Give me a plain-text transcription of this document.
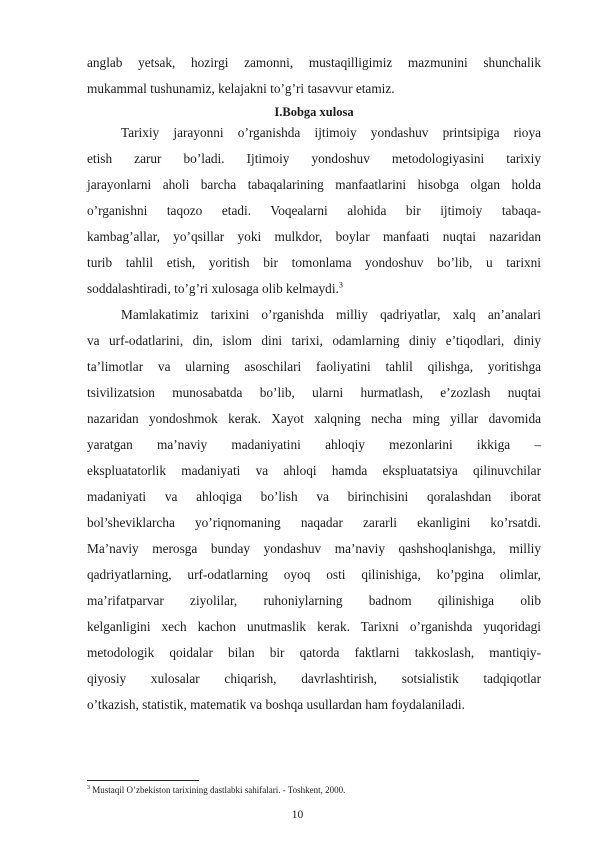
anglab yetsak, hozirgi zamonni, mustaqilligimiz mazmunini shunchalik
mukammal tushunamiz, kelajakni to’g’ri tasavvur etamiz.
I.Bobga xulosa
Tarixiy jarayonni o’rganishda ijtimoiy yondashuv printsipiga rioya
etish zarur bo’ladi. Ijtimoiy yondoshuv metodologiyasini tarixiy
jarayonlarni aholi barcha tabaqalarining manfaatlarini hisobga olgan holda
o’rganishni taqozo etadi. Voqealarni alohida bir ijtimoiy tabaqa-
kambag’allar, yo’qsillar yoki mulkdor, boylar manfaati nuqtai nazaridan
turib tahlil etish, yoritish bir tomonlama yondoshuv bo’lib, u tarixni
soddalashtiradi, to’g’ri xulosaga olib kelmaydi.$^3$
Mamlakatimiz tarixini o’rganishda milliy qadriyatlar, xalq an’analari
va urf-odatlarini, din, islom dini tarixi, odamlarning diniy e’tiqodlari, diniy
ta’limotlar va ularning asoschilari faoliyatini tahlil qilishga, yoritishga
tsivilizatsion munosabatda bo’lib, ularni hurmatlash, e’zozlash nuqtai
nazaridan yondoshmok kerak. Xayot xalqning necha ming yillar davomida
yaratgan ma’naviy madaniyatini ahloqiy mezonlarini ikkiga –
ekspluatatorlik madaniyati va ahloqi hamda ekspluatatsiya qilinuvchilar
madaniyati va ahloqiga bo’lish va birinchisini qoralashdan iborat
bol’sheviklarcha yo’riqnomaning naqadar zararli ekanligini ko’rsatdi.
Ma’naviy merosga bunday yondashuv ma’naviy qashshoqlanishga, milliy
qadriyatlarning, urf-odatlarning oyoq osti qilinishiga, ko’pgina olimlar,
ma’rifatparvar ziyolilar, ruhoniylarning badnom qilinishiga olib
kelganligini xech kachon unutmaslik kerak. Tarixni o’rganishda yuqoridagi
metodologik qoidalar bilan bir qatorda faktlarni takkoslash, mantiqiy-
qiyosiy xulosalar chiqarish, davrlashtirish, sotsialistik tadqiqotlar
o’tkazish, statistik, matematik va boshqa usullardan ham foydalaniladi.
$^3$ Mustaqil O’zbekiston tarixining dastlabki sahifalari. - Toshkent, 2000.
10
